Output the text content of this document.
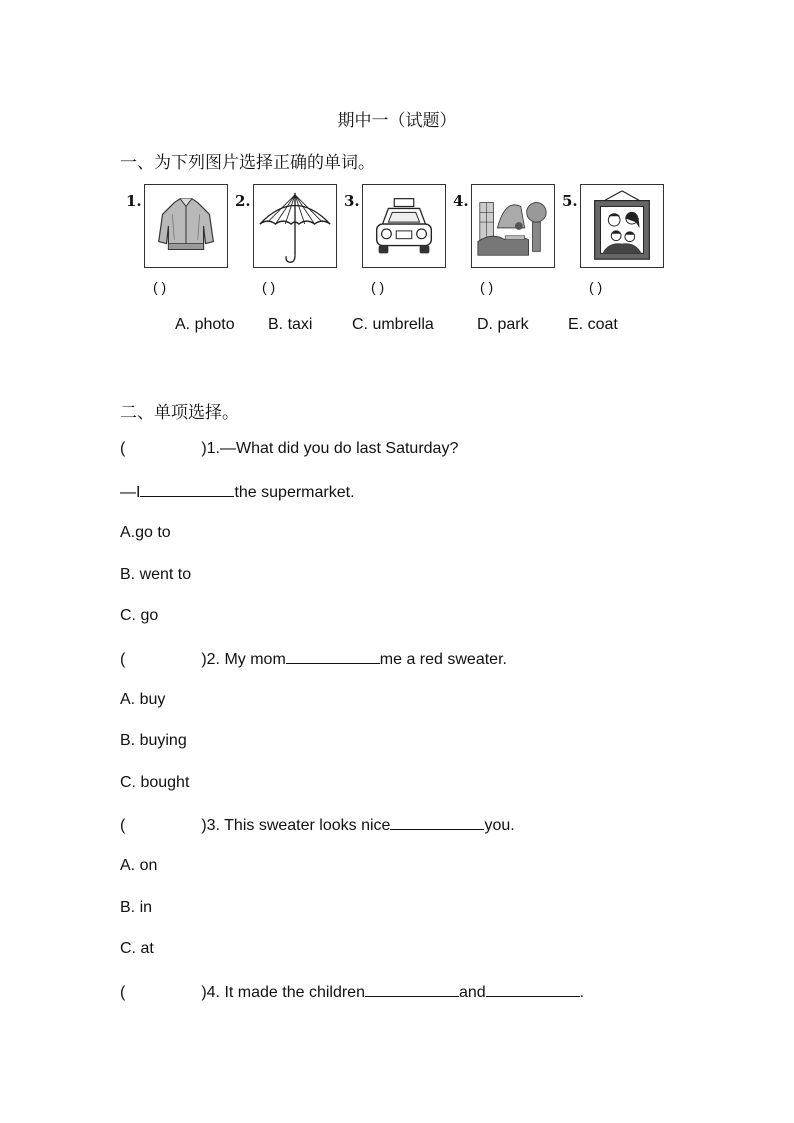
期中一（试题）
一、为下列图片选择正确的单词。
1.	2.	3.	4.	5.
( )	( )	( )	( )	( )
A. photo B. taxi C. umbrella	D. park E. coat
二、单项选择。
(	)1.—What did you do last Saturday?
—I	the supermarket.
A.go to
B. went to
C. go
(	)2. My mom	me a red sweater.
A. buy
B. buying
C. bought
(	)3. This sweater looks nice	you.
A. on
B. in
C. at
(	)4. It made the children	and	.
